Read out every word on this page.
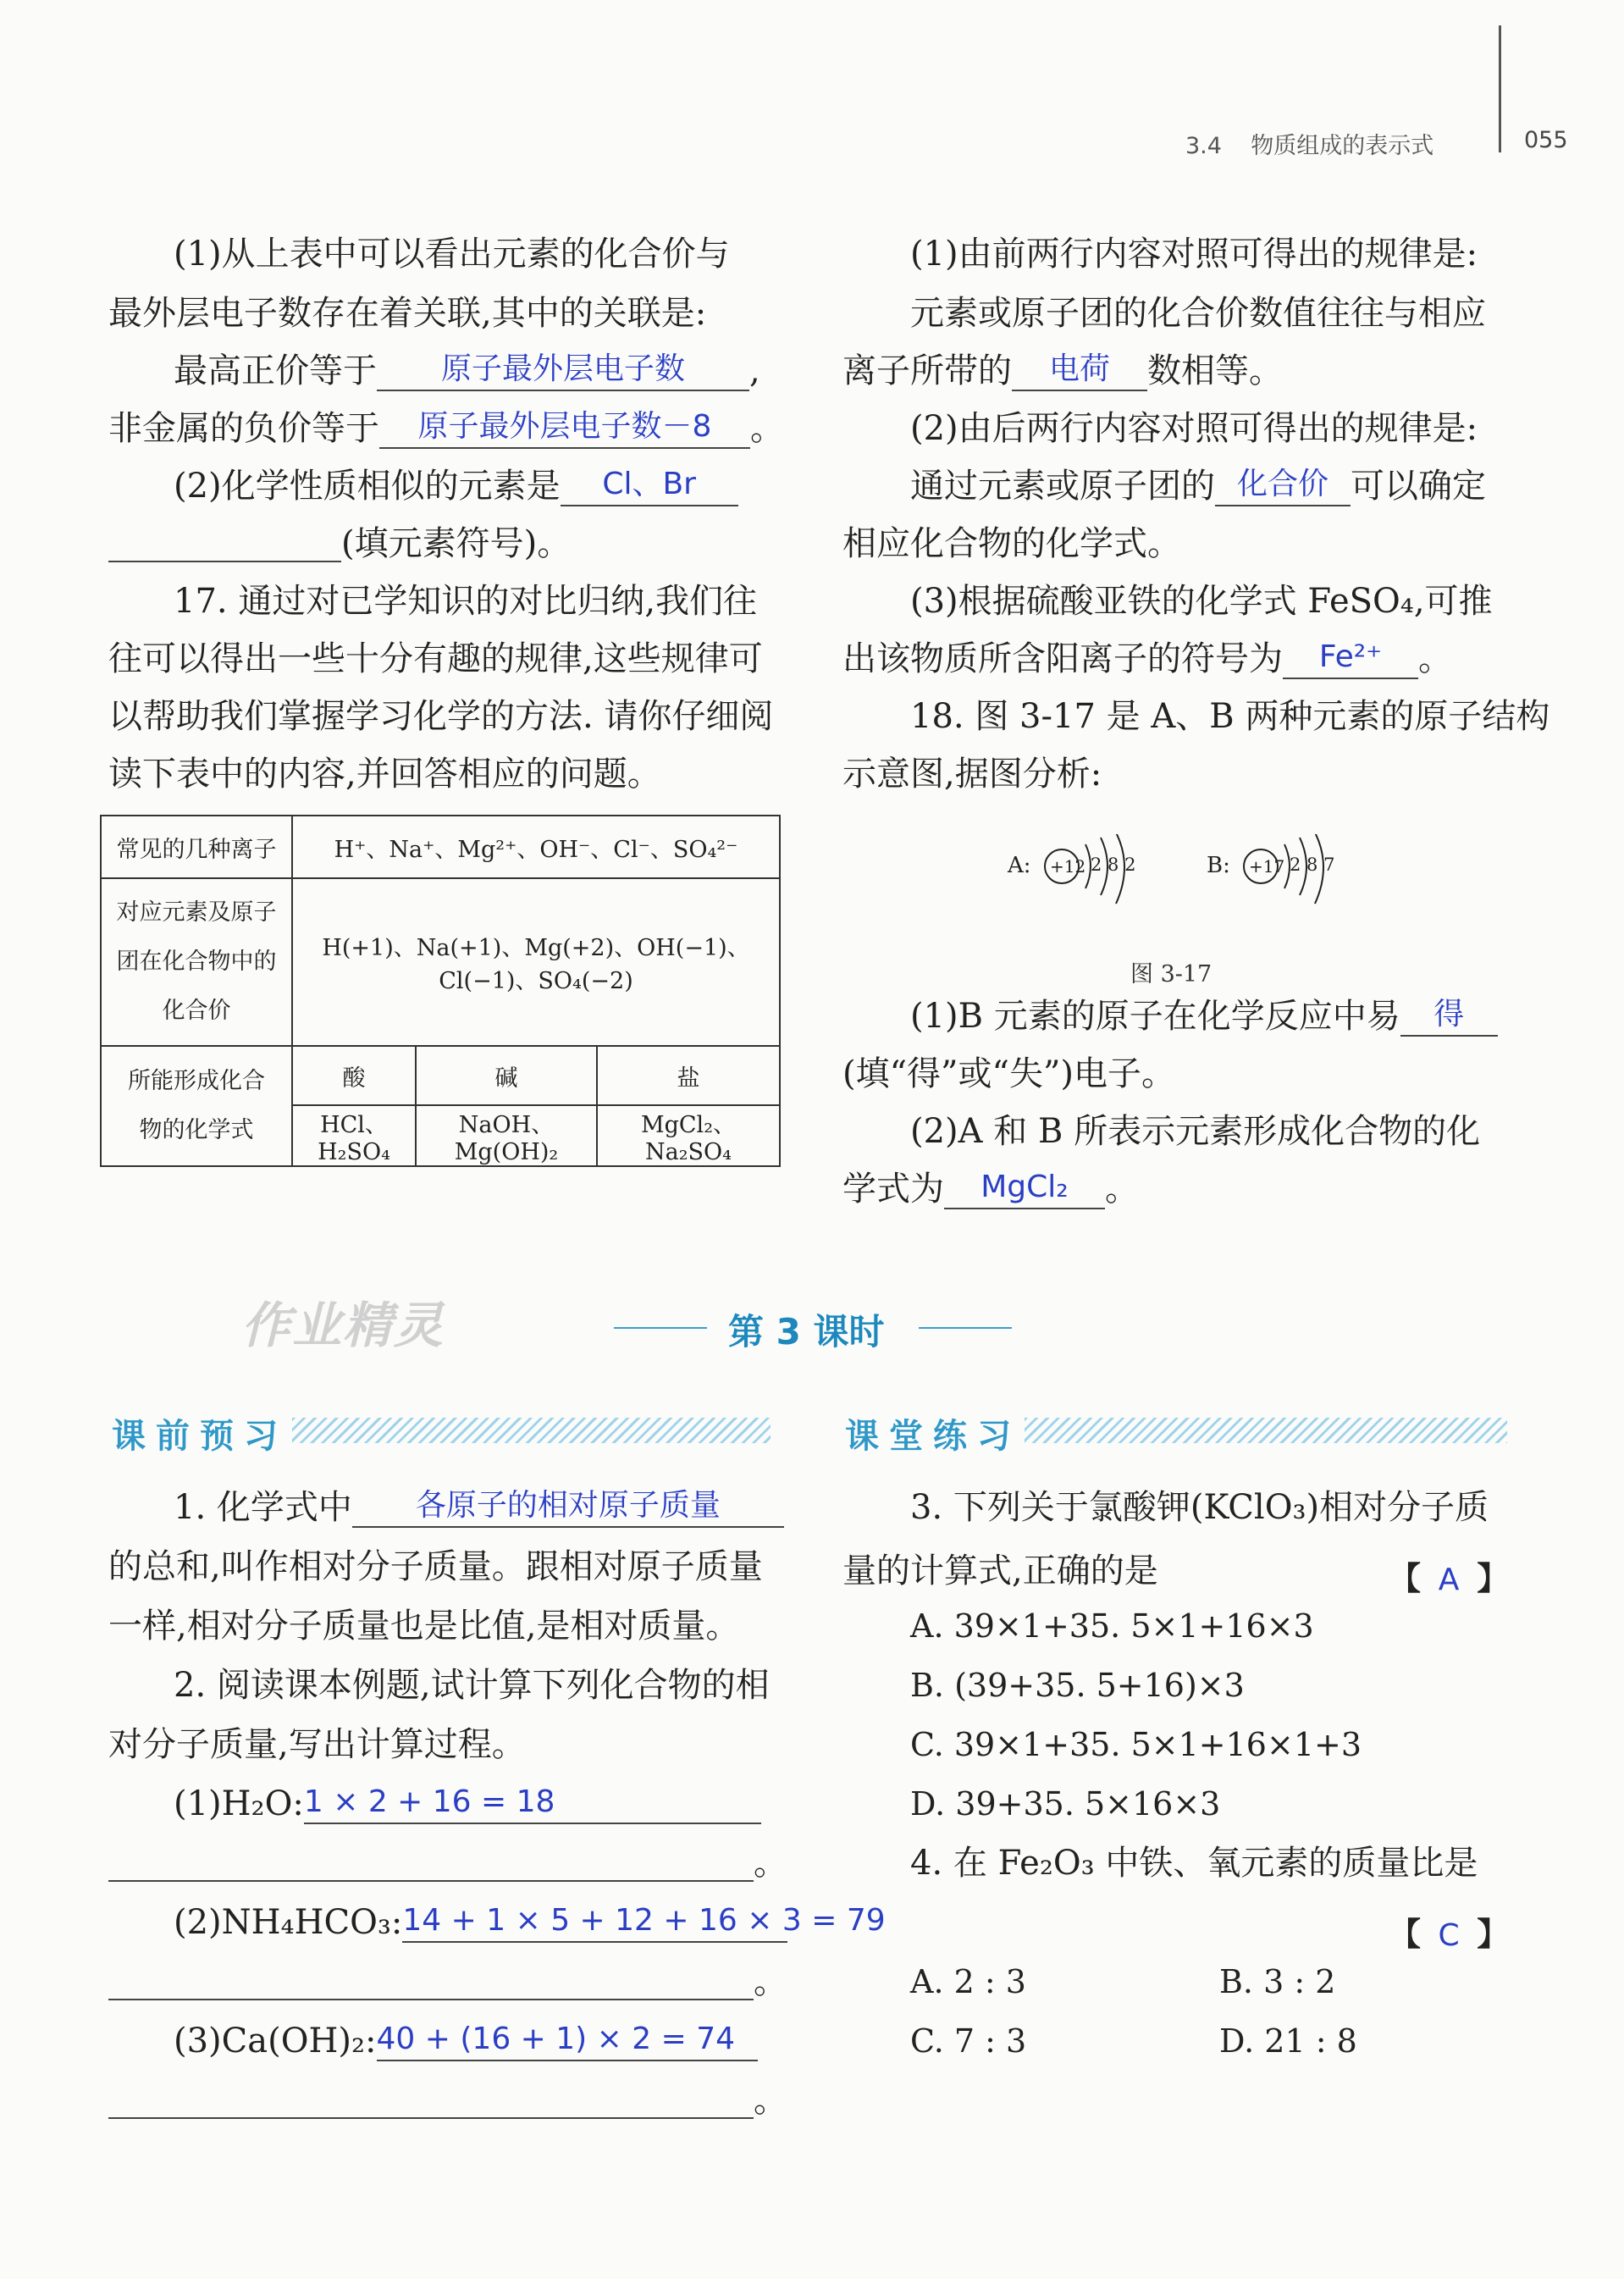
3.4 物质组成的表示式	055
(1)从上表中可以看出元素的化合价与
最外层电子数存在着关联,其中的关联是:
最高正价等于 原子最外层电子数 ,
非金属的负价等于 原子最外层电子数－8 。
(2)化学性质相似的元素是 Cl、Br
(填元素符号)。
17. 通过对已学知识的对比归纳,我们往
往可以得出一些十分有趣的规律,这些规律可
以帮助我们掌握学习化学的方法. 请你仔细阅
读下表中的内容,并回答相应的问题。
常见的几种离子	H⁺、Na⁺、Mg²⁺、OH⁻、Cl⁻、SO₄²⁻		
对应元素及原子
团在化合物中的
化合价	H(+1)、Na(+1)、Mg(+2)、OH(−1)、Cl(−1)、SO₄(−2)		
所能形成化合
物的化学式	酸	碱	盐
	HCl、H₂SO₄	NaOH、Mg(OH)₂	MgCl₂、Na₂SO₄
(1)由前两行内容对照可得出的规律是:
元素或原子团的化合价数值往往与相应
离子所带的 电荷 数相等。
(2)由后两行内容对照可得出的规律是:
通过元素或原子团的 化合价 可以确定
相应化合物的化学式。
(3)根据硫酸亚铁的化学式 FeSO₄,可推
出该物质所含阳离子的符号为 Fe²⁺ 。
18. 图 3-17 是 A、B 两种元素的原子结构
示意图,据图分析:
A: +12 2 8 2	B: +17 2 8 7
图 3-17
(1)B 元素的原子在化学反应中易 得
(填“得”或“失”)电子。
(2)A 和 B 所表示元素形成化合物的化
学式为 MgCl₂ 。
作业精灵	第 3 课时
课前预习
1. 化学式中 各原子的相对原子质量
的总和,叫作相对分子质量。跟相对原子质量
一样,相对分子质量也是比值,是相对质量。
2. 阅读课本例题,试计算下列化合物的相
对分子质量,写出计算过程。
(1)H₂O:1 × 2 + 16 = 18
。
(2)NH₄HCO₃:14 + 1 × 5 + 12 + 16 × 3 = 79
。
(3)Ca(OH)₂:40 + (16 + 1) × 2 = 74
。
课堂练习
3. 下列关于氯酸钾(KClO₃)相对分子质
量的计算式,正确的是	【 A 】
A. 39×1+35. 5×1+16×3
B. (39+35. 5+16)×3
C. 39×1+35. 5×1+16×1+3
D. 39+35. 5×16×3
4. 在 Fe₂O₃ 中铁、氧元素的质量比是
【 C 】
A. 2 : 3	B. 3 : 2
C. 7 : 3	D. 21 : 8
